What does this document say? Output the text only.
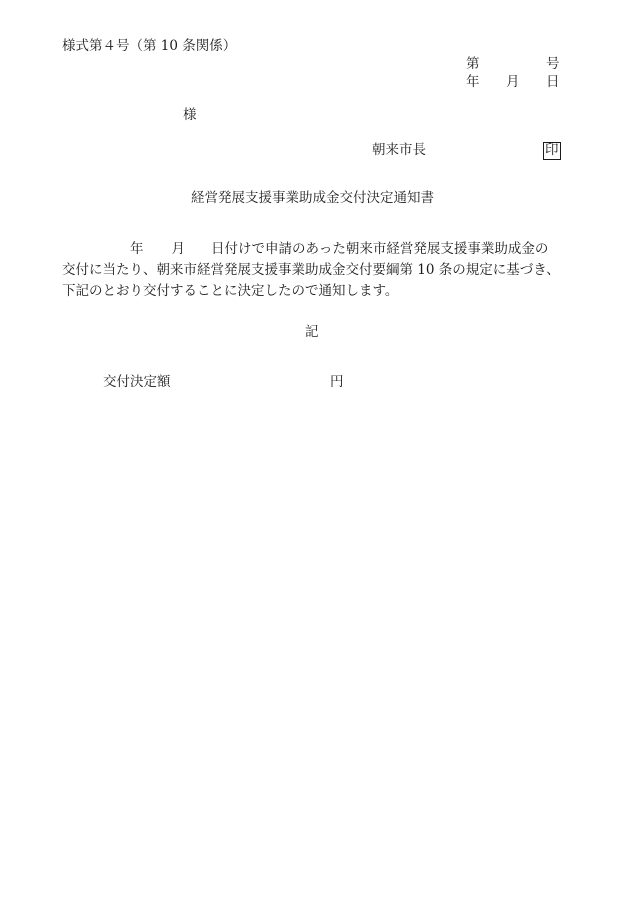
様式第４号（第 10 条関係）
第	号
年 月 日
様
朝来市長	印
経営発展支援事業助成金交付決定通知書
年 月 日付けで申請のあった朝来市経営発展支援事業助成金の
交付に当たり、朝来市経営発展支援事業助成金交付要綱第 10 条の規定に基づき、
下記のとおり交付することに決定したので通知します。
記
交付決定額	円
